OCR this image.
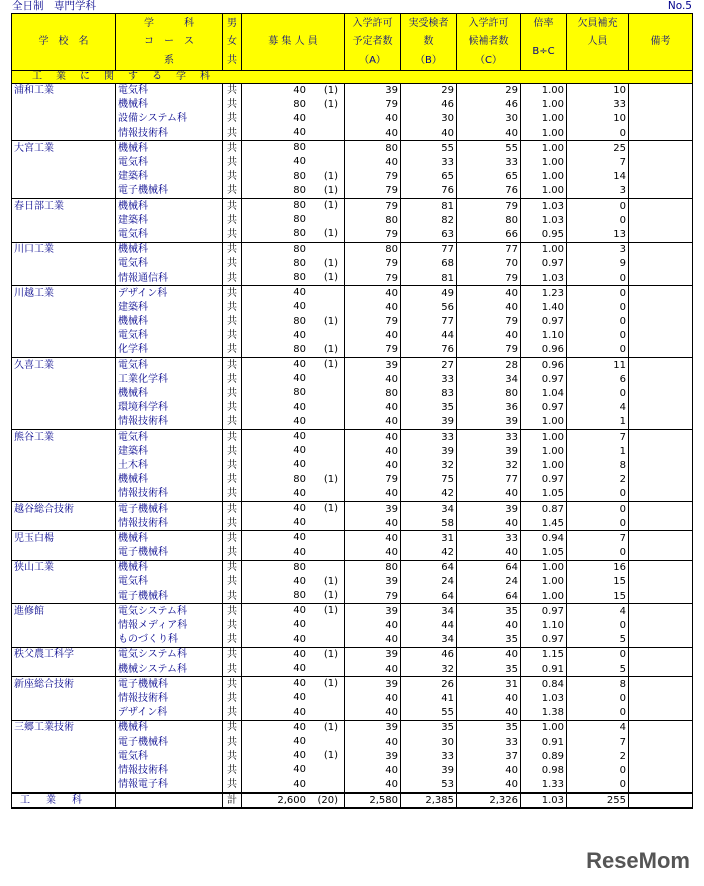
全日制　専門学科	No.5
学　校　名	学　　　科	男	募 集 人 員	入学許可	実受検者	入学許可	倍率	欠員補充	備考
	コ　ー　ス	女		予定者数	数	候補者数	B÷C	人員	
	系	共		（A）	（B）	（C）			
工業に関する学科									
浦和工業	電気科	共	40 (1)	39	29	29	1.00	10	
	機械科	共	80 (1)	79	46	46	1.00	33	
	設備システム科	共	40	40	30	30	1.00	10	
	情報技術科	共	40	40	40	40	1.00	0	
大宮工業	機械科	共	80	80	55	55	1.00	25	
	電気科	共	40	40	33	33	1.00	7	
	建築科	共	80 (1)	79	65	65	1.00	14	
	電子機械科	共	80 (1)	79	76	76	1.00	3	
春日部工業	機械科	共	80 (1)	79	81	79	1.03	0	
	建築科	共	80	80	82	80	1.03	0	
	電気科	共	80 (1)	79	63	66	0.95	13	
川口工業	機械科	共	80	80	77	77	1.00	3	
	電気科	共	80 (1)	79	68	70	0.97	9	
	情報通信科	共	80 (1)	79	81	79	1.03	0	
川越工業	デザイン科	共	40	40	49	40	1.23	0	
	建築科	共	40	40	56	40	1.40	0	
	機械科	共	80 (1)	79	77	79	0.97	0	
	電気科	共	40	40	44	40	1.10	0	
	化学科	共	80 (1)	79	76	79	0.96	0	
久喜工業	電気科	共	40 (1)	39	27	28	0.96	11	
	工業化学科	共	40	40	33	34	0.97	6	
	機械科	共	80	80	83	80	1.04	0	
	環境科学科	共	40	40	35	36	0.97	4	
	情報技術科	共	40	40	39	39	1.00	1	
熊谷工業	電気科	共	40	40	33	33	1.00	7	
	建築科	共	40	40	39	39	1.00	1	
	土木科	共	40	40	32	32	1.00	8	
	機械科	共	80 (1)	79	75	77	0.97	2	
	情報技術科	共	40	40	42	40	1.05	0	
越谷総合技術	電子機械科	共	40 (1)	39	34	39	0.87	0	
	情報技術科	共	40	40	58	40	1.45	0	
児玉白楊	機械科	共	40	40	31	33	0.94	7	
	電子機械科	共	40	40	42	40	1.05	0	
狭山工業	機械科	共	80	80	64	64	1.00	16	
	電気科	共	40 (1)	39	24	24	1.00	15	
	電子機械科	共	80 (1)	79	64	64	1.00	15	
進修館	電気システム科	共	40 (1)	39	34	35	0.97	4	
	情報メディア科	共	40	40	44	40	1.10	0	
	ものづくり科	共	40	40	34	35	0.97	5	
秩父農工科学	電気システム科	共	40 (1)	39	46	40	1.15	0	
	機械システム科	共	40	40	32	35	0.91	5	
新座総合技術	電子機械科	共	40 (1)	39	26	31	0.84	8	
	情報技術科	共	40	40	41	40	1.03	0	
	デザイン科	共	40	40	55	40	1.38	0	
三郷工業技術	機械科	共	40 (1)	39	35	35	1.00	4	
	電子機械科	共	40	40	30	33	0.91	7	
	電気科	共	40 (1)	39	33	37	0.89	2	
	情報技術科	共	40	40	39	40	0.98	0	
	情報電子科	共	40	40	53	40	1.33	0	
工業科		計	2,600 (20)	2,580	2,385	2,326	1.03	255	
ReseMom
